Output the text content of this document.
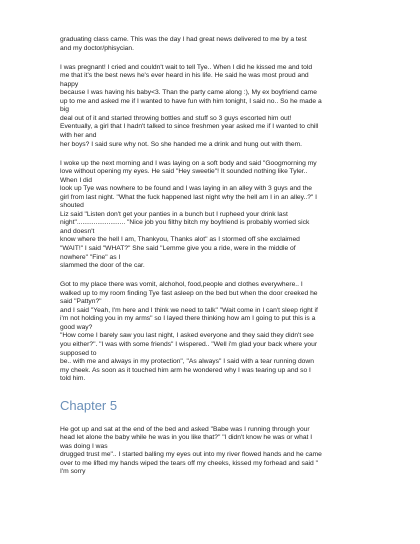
graduating class came. This was the day I had great news delivered to me by a test
and my doctor/phisycian.
I was pregnant! I cried and couldn't wait to tell Tye.. When I did he kissed me and told
me that it's the best news he's ever heard in his life. He said he was most proud and
happy
because I was having his baby<3. Than the party came along :), My ex boyfriend came
up to me and asked me if I wanted to have fun with him tonight, I said no.. So he made a
big
deal out of it and started throwing bottles and stuff so 3 guys escorted him out!
Eventually, a girl that I hadn't talked to since freshmen year asked me if I wanted to chill
with her and
her boys? I said sure why not. So she handed me a drink and hung out with them.
I woke up the next morning and I was laying on a soft body and said "Googmorning my
love without opening my eyes. He said "Hey sweetie"! It sounded nothing like Tyler..
When I did
look up Tye was nowhere to be found and I was laying in an alley with 3 guys and the
girl from last night. "What the fuck happened last night why the hell am I in an alley..?" I
shouted
Liz said "Listen don't get your panties in a bunch but I rupheed your drink last
night".......................... "Nice job you filthy bitch my boyfriend is probably worried sick
and doesn't
know where the hell I am, Thankyou, Thanks alot" as I stormed off she exclaimed
"WAIT!" I said "WHAT?" She said "Lemme give you a ride, were in the middle of
nowhere" "Fine" as I
slammed the door of the car.
Got to my place there was vomit, alchohol, food,people and clothes everywhere.. I
walked up to my room finding Tye fast asleep on the bed but when the door creeked he
said "Pattyn?"
and I said "Yeah, I'm here and I think we need to talk" "Wait come in I can't sleep right if
i'm not holding you in my arms" so I layed there thinking how am I going to put this is a
good way?
"How come I barely saw you last night, I asked everyone and they said they didn't see
you either?". "I was with some friends" I wispered.. "Well i'm glad your back where your
supposed to
be.. with me and always in my protection", "As always" I said with a tear running down
my cheek. As soon as it touched him arm he wondered why I was tearing up and so I
told him.
Chapter 5
He got up and sat at the end of the bed and asked "Babe was I running through your
head let alone the baby while he was in you like that?" "I didn't know he was or what I
was doing I was
drugged trust me".. I started balling my eyes out into my river flowed hands and he came
over to me lifted my hands wiped the tears off my cheeks, kissed my forhead and said "
I'm sorry
